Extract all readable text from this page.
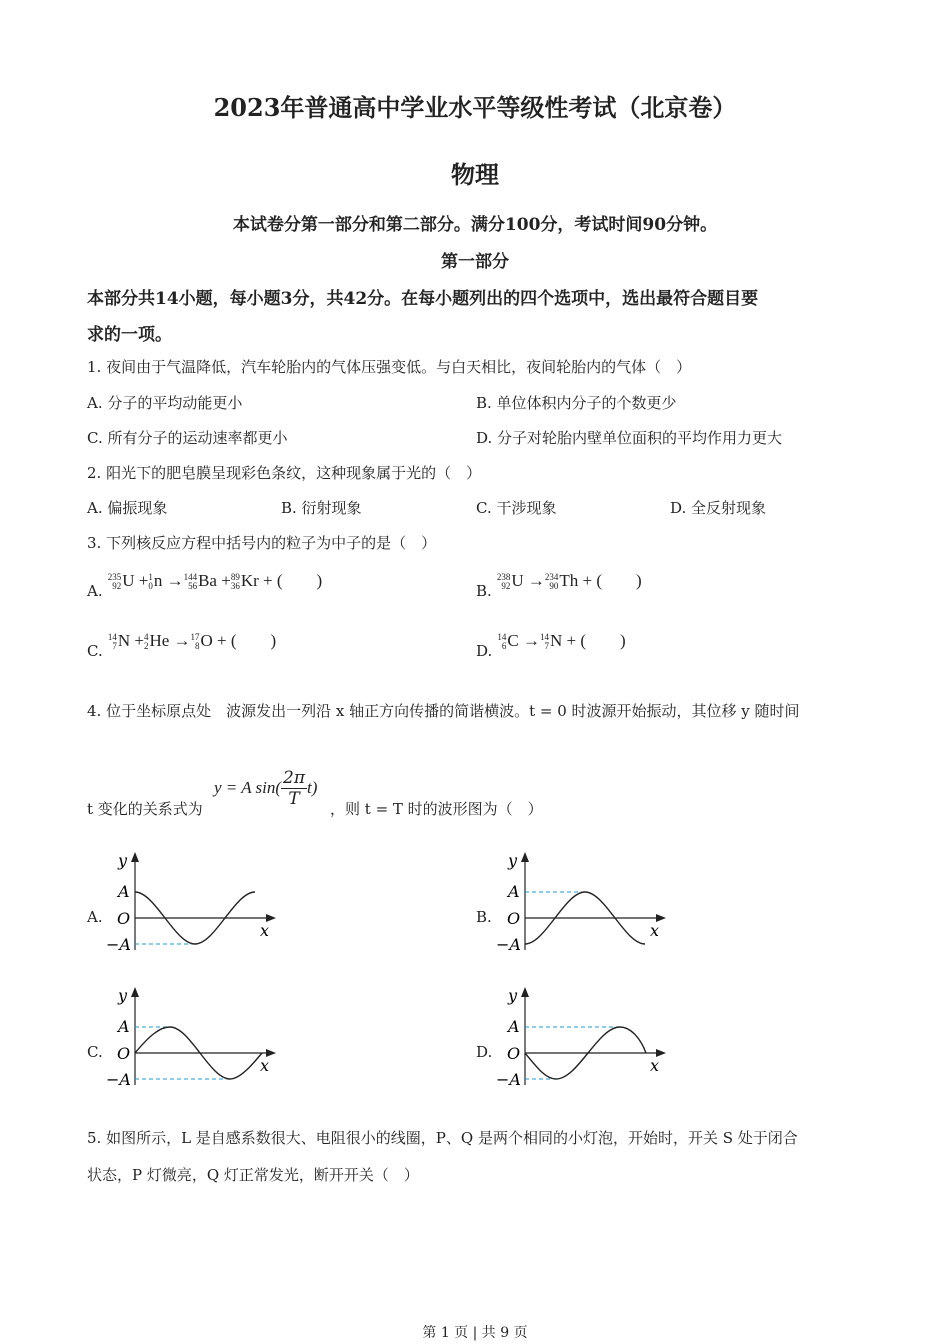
2023年普通高中学业水平等级性考试（北京卷）
物理
本试卷分第一部分和第二部分。满分100分，考试时间90分钟。
第一部分
本部分共14小题，每小题3分，共42分。在每小题列出的四个选项中，选出最符合题目要
求的一项。
1. 夜间由于气温降低，汽车轮胎内的气体压强变低。与白天相比，夜间轮胎内的气体（　）
A. 分子的平均动能更小	B. 单位体积内分子的个数更少
C. 所有分子的运动速率都更小	D. 分子对轮胎内壁单位面积的平均作用力更大
2. 阳光下的肥皂膜呈现彩色条纹，这种现象属于光的（　）
A. 偏振现象	B. 衍射现象	C. 干涉现象	D. 全反射现象
3. 下列核反应方程中括号内的粒子为中子的是（　）
A.
235
92 U + 1
0 n → 144
56 Ba + 89
36 Kr + (　　)
B.
238
92 U → 234
90 Th + (　　)
C.
14
7 N + 4
2 He → 17
8 O + (　　)
D.
14
6 C → 14
7 N + (　　)
4. 位于坐标原点处　波源发出一列沿 x 轴正方向传播的简谐横波。t = 0 时波源开始振动，其位移 y 随时间
t 变化的关系式为
y = A $\sin( \frac{2\pi}{T} t)$
，则 t = T 时的波形图为（　）
A.	B.
C.	D.
y
A
O
−A
x
y
A
O
−A
x
y
A
O
−A
x
y
A
O
−A
x
5. 如图所示，L 是自感系数很大、电阻很小的线圈，P、Q 是两个相同的小灯泡，开始时，开关 S 处于闭合
状态，P 灯微亮，Q 灯正常发光，断开开关（　）
第 1 页 | 共 9 页
